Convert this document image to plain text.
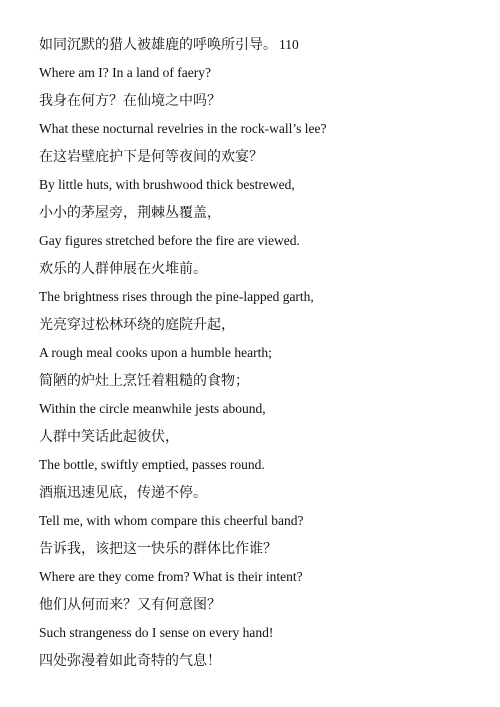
如同沉默的猎人被雄鹿的呼唤所引导。 110
Where am I? In a land of faery?
我身在何方？在仙境之中吗？
What these nocturnal revelries in the rock-wall’s lee?
在这岩壁庇护下是何等夜间的欢宴？
By little huts, with brushwood thick bestrewed,
小小的茅屋旁，荆棘丛覆盖，
Gay figures stretched before the fire are viewed.
欢乐的人群伸展在火堆前。
The brightness rises through the pine-lapped garth,
光亮穿过松林环绕的庭院升起，
A rough meal cooks upon a humble hearth;
简陋的炉灶上烹饪着粗糙的食物；
Within the circle meanwhile jests abound,
人群中笑话此起彼伏，
The bottle, swiftly emptied, passes round.
酒瓶迅速见底，传递不停。
Tell me, with whom compare this cheerful band?
告诉我，该把这一快乐的群体比作谁？
Where are they come from? What is their intent?
他们从何而来？又有何意图？
Such strangeness do I sense on every hand!
四处弥漫着如此奇特的气息！
